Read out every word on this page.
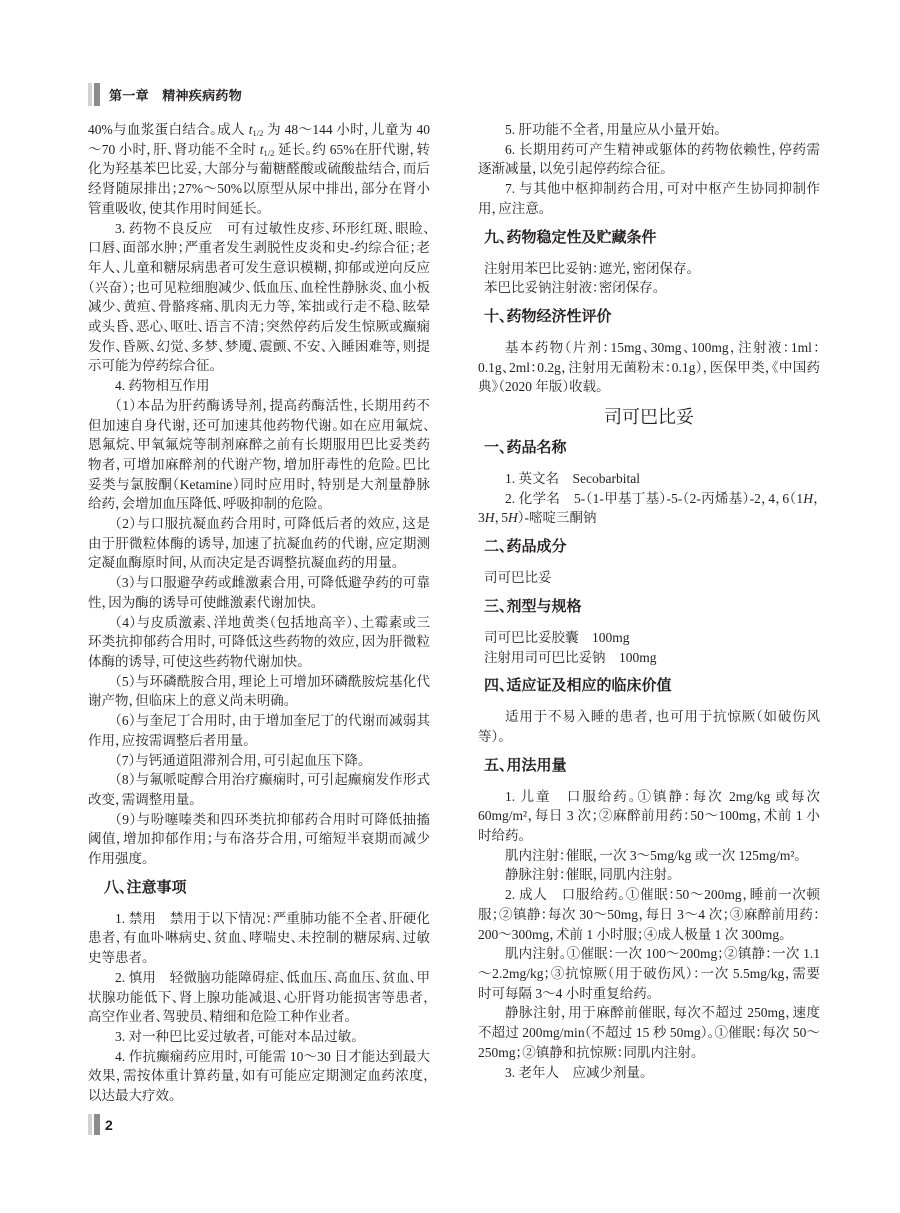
第一章　精神疾病药物

40%与血浆蛋白结合。成人 $t_{1/2}$ 为 48～144 小时，儿童为 40～70 小时，肝、肾功能不全时 $t_{1/2}$ 延长。约 65%在肝代谢，转化为羟基苯巴比妥，大部分与葡糖醛酸或硫酸盐结合，而后经肾随尿排出；27%～50%以原型从尿中排出，部分在肾小管重吸收，使其作用时间延长。

3. 药物不良反应　可有过敏性皮疹、环形红斑、眼睑、口唇、面部水肿；严重者发生剥脱性皮炎和史-约综合征；老年人、儿童和糖尿病患者可发生意识模糊，抑郁或逆向反应（兴奋）；也可见粒细胞减少、低血压、血栓性静脉炎、血小板减少、黄疸、骨骼疼痛、肌肉无力等，笨拙或行走不稳、眩晕或头昏、恶心、呕吐、语言不清；突然停药后发生惊厥或癫痫发作、昏厥、幻觉、多梦、梦魇、震颤、不安、入睡困难等，则提示可能为停药综合征。

4. 药物相互作用

（1）本品为肝药酶诱导剂，提高药酶活性，长期用药不但加速自身代谢，还可加速其他药物代谢。如在应用氟烷、恩氟烷、甲氧氟烷等制剂麻醉之前有长期服用巴比妥类药物者，可增加麻醉剂的代谢产物，增加肝毒性的危险。巴比妥类与氯胺酮（Ketamine）同时应用时，特别是大剂量静脉给药，会增加血压降低、呼吸抑制的危险。

（2）与口服抗凝血药合用时，可降低后者的效应，这是由于肝微粒体酶的诱导，加速了抗凝血药的代谢，应定期测定凝血酶原时间，从而决定是否调整抗凝血药的用量。

（3）与口服避孕药或雌激素合用，可降低避孕药的可靠性，因为酶的诱导可使雌激素代谢加快。

（4）与皮质激素、洋地黄类（包括地高辛）、土霉素或三环类抗抑郁药合用时，可降低这些药物的效应，因为肝微粒体酶的诱导，可使这些药物代谢加快。

（5）与环磷酰胺合用，理论上可增加环磷酰胺烷基化代谢产物，但临床上的意义尚未明确。

（6）与奎尼丁合用时，由于增加奎尼丁的代谢而减弱其作用，应按需调整后者用量。

（7）与钙通道阻滞剂合用，可引起血压下降。

（8）与氟哌啶醇合用治疗癫痫时，可引起癫痫发作形式改变，需调整用量。

（9）与吩噻嗪类和四环类抗抑郁药合用时可降低抽搐阈值，增加抑郁作用；与布洛芬合用，可缩短半衰期而减少作用强度。

八、注意事项

1. 禁用　禁用于以下情况：严重肺功能不全者、肝硬化患者，有血卟啉病史、贫血、哮喘史、未控制的糖尿病、过敏史等患者。

2. 慎用　轻微脑功能障碍症、低血压、高血压、贫血、甲状腺功能低下、肾上腺功能减退、心肝肾功能损害等患者，高空作业者、驾驶员、精细和危险工种作业者。

3. 对一种巴比妥过敏者，可能对本品过敏。

4. 作抗癫痫药应用时，可能需 10～30 日才能达到最大效果，需按体重计算药量，如有可能应定期测定血药浓度，以达最大疗效。

5. 肝功能不全者，用量应从小量开始。

6. 长期用药可产生精神或躯体的药物依赖性，停药需逐渐减量，以免引起停药综合征。

7. 与其他中枢抑制药合用，可对中枢产生协同抑制作用，应注意。

九、药物稳定性及贮藏条件

注射用苯巴比妥钠：遮光，密闭保存。

苯巴比妥钠注射液：密闭保存。

十、药物经济性评价

基本药物（片剂：15mg、30mg、100mg，注射液：1ml：0.1g、2ml：0.2g，注射用无菌粉末：0.1g），医保甲类，《中国药典》（2020 年版）收载。

司可巴比妥
一、药品名称

1. 英文名　Secobarbital

2. 化学名　5-（1-甲基丁基）-5-（2-丙烯基）-2，4，6（1H，3H，5H）-嘧啶三酮钠

二、药品成分

司可巴比妥

三、剂型与规格

司可巴比妥胶囊　100mg

注射用司可巴比妥钠　100mg

四、适应证及相应的临床价值

适用于不易入睡的患者，也可用于抗惊厥（如破伤风等）。

五、用法用量

1. 儿童　口服给药。①镇静：每次 2mg/kg 或每次 60mg/m²，每日 3 次；②麻醉前用药：50～100mg，术前 1 小时给药。

肌内注射：催眠，一次 3～5mg/kg 或一次 125mg/m²。

静脉注射：催眠，同肌内注射。

2. 成人　口服给药。①催眠：50～200mg，睡前一次顿服；②镇静：每次 30～50mg，每日 3～4 次；③麻醉前用药：200～300mg，术前 1 小时服；④成人极量 1 次 300mg。

肌内注射。①催眠：一次 100～200mg；②镇静：一次 1.1～2.2mg/kg；③抗惊厥（用于破伤风）：一次 5.5mg/kg，需要时可每隔 3～4 小时重复给药。

静脉注射，用于麻醉前催眠，每次不超过 250mg，速度不超过 200mg/min（不超过 15 秒 50mg）。①催眠：每次 50～250mg；②镇静和抗惊厥：同肌内注射。

3. 老年人　应减少剂量。

2
